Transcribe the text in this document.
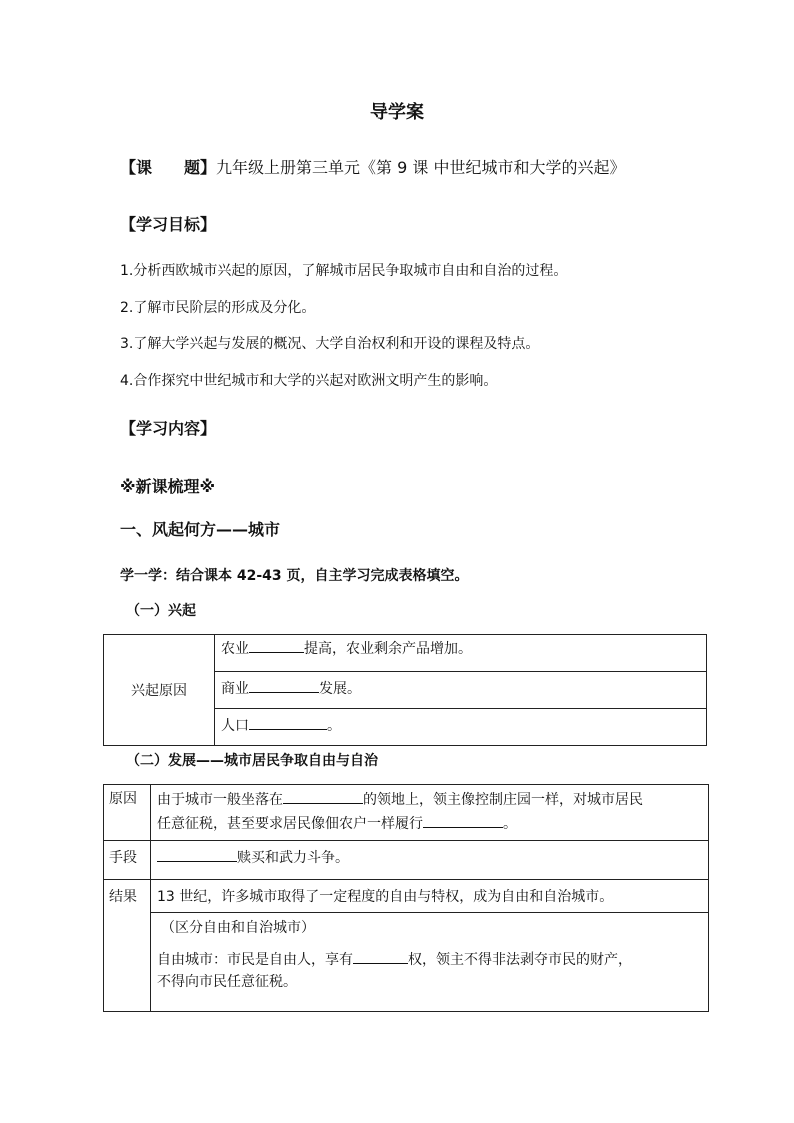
导学案
【课　　题】九年级上册第三单元《第 9 课 中世纪城市和大学的兴起》
【学习目标】
1.分析西欧城市兴起的原因，了解城市居民争取城市自由和自治的过程。
2.了解市民阶层的形成及分化。
3.了解大学兴起与发展的概况、大学自治权利和开设的课程及特点。
4.合作探究中世纪城市和大学的兴起对欧洲文明产生的影响。
【学习内容】
※新课梳理※
一、风起何方——城市
学一学：结合课本 42-43 页，自主学习完成表格填空。
（一）兴起
兴起原因	农业	提高，农业剩余产品增加。
商业	发展。
人口	。
（二）发展——城市居民争取自由与自治
原因	由于城市一般坐落在 的领地上，领主像控制庄园一样，对城市居民
任意征税，甚至要求居民像佃农户一样履行 。
手段	赎买和武力斗争。
结果	13 世纪，许多城市取得了一定程度的自由与特权，成为自由和自治城市。
（区分自由和自治城市）
自由城市：市民是自由人，享有 权，领主不得非法剥夺市民的财产，
不得向市民任意征税。
